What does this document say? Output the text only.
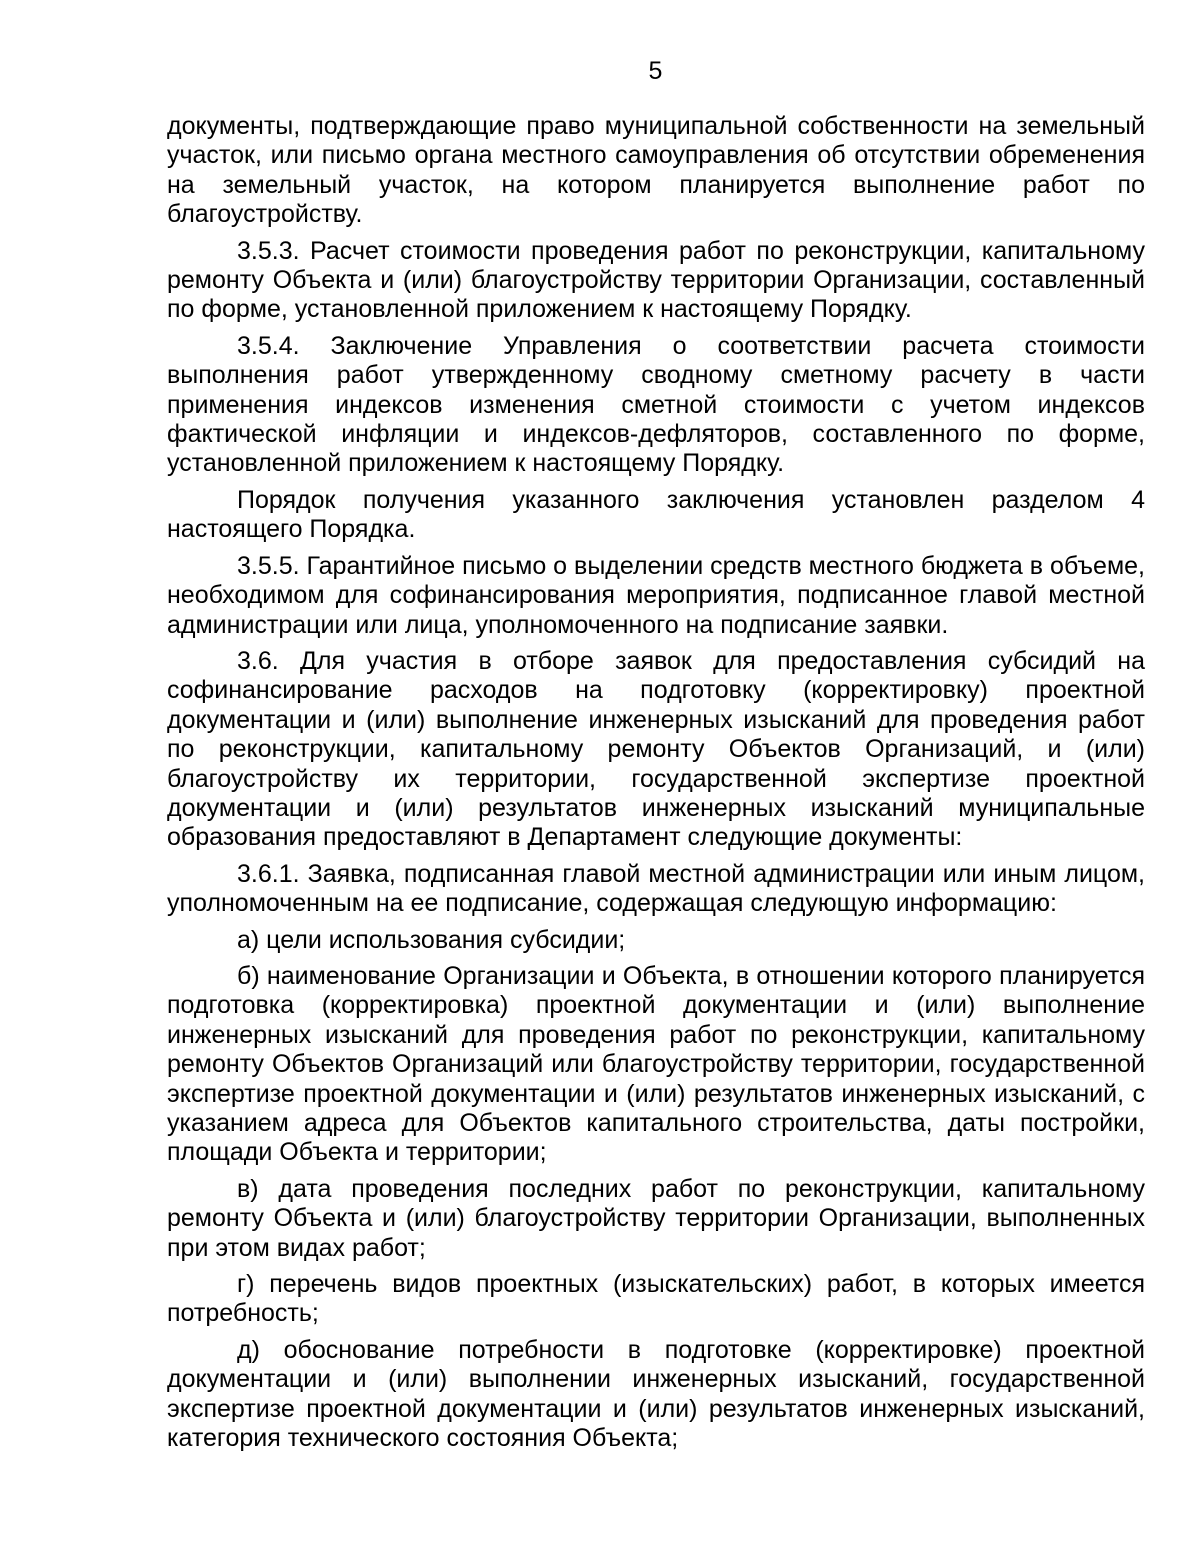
5

документы, подтверждающие право муниципальной собственности на земельный участок, или письмо органа местного самоуправления об отсутствии обременения на земельный участок, на котором планируется выполнение работ по благоустройству.

3.5.3. Расчет стоимости проведения работ по реконструкции, капитальному ремонту Объекта и (или) благоустройству территории Организации, составленный по форме, установленной приложением к настоящему Порядку.

3.5.4. Заключение Управления о соответствии расчета стоимости выполнения работ утвержденному сводному сметному расчету в части применения индексов изменения сметной стоимости с учетом индексов фактической инфляции и индексов-дефляторов, составленного по форме, установленной приложением к настоящему Порядку.

Порядок получения указанного заключения установлен разделом 4 настоящего Порядка.

3.5.5. Гарантийное письмо о выделении средств местного бюджета в объеме, необходимом для софинансирования мероприятия, подписанное главой местной администрации или лица, уполномоченного на подписание заявки.

3.6. Для участия в отборе заявок для предоставления субсидий на софинансирование расходов на подготовку (корректировку) проектной документации и (или) выполнение инженерных изысканий для проведения работ по реконструкции, капитальному ремонту Объектов Организаций, и (или) благоустройству их территории, государственной экспертизе проектной документации и (или) результатов инженерных изысканий муниципальные образования предоставляют в Департамент следующие документы:

3.6.1. Заявка, подписанная главой местной администрации или иным лицом, уполномоченным на ее подписание, содержащая следующую информацию:

а) цели использования субсидии;

б) наименование Организации и Объекта, в отношении которого планируется подготовка (корректировка) проектной документации и (или) выполнение инженерных изысканий для проведения работ по реконструкции, капитальному ремонту Объектов Организаций или благоустройству территории, государственной экспертизе проектной документации и (или) результатов инженерных изысканий, с указанием адреса для Объектов капитального строительства, даты постройки, площади Объекта и территории;

в) дата проведения последних работ по реконструкции, капитальному ремонту Объекта и (или) благоустройству территории Организации, выполненных при этом видах работ;

г) перечень видов проектных (изыскательских) работ, в которых имеется потребность;

д) обоснование потребности в подготовке (корректировке) проектной документации и (или) выполнении инженерных изысканий, государственной экспертизе проектной документации и (или) результатов инженерных изысканий, категория технического состояния Объекта;
